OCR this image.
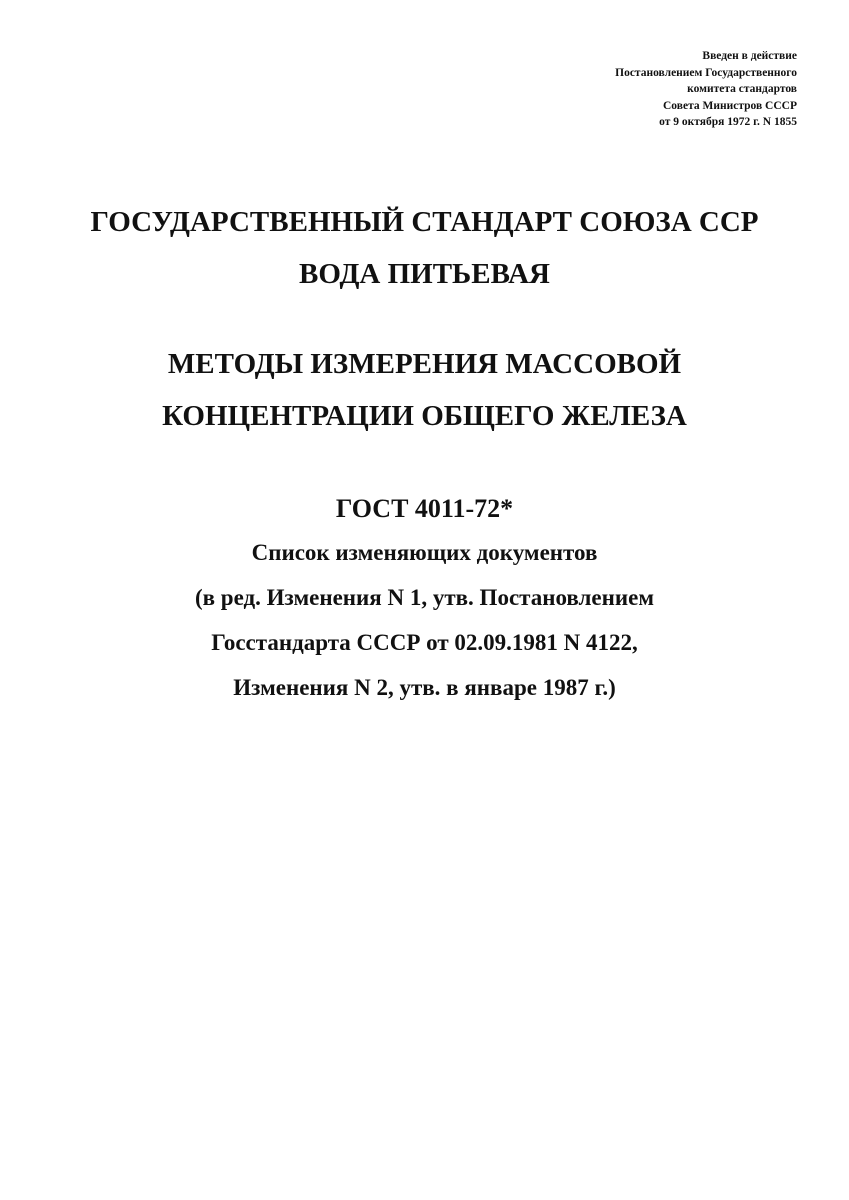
Введен в действие
Постановлением Государственного
комитета стандартов
Совета Министров СССР
от 9 октября 1972 г. N 1855
ГОСУДАРСТВЕННЫЙ СТАНДАРТ СОЮЗА ССР
ВОДА ПИТЬЕВАЯ
МЕТОДЫ ИЗМЕРЕНИЯ МАССОВОЙ
КОНЦЕНТРАЦИИ ОБЩЕГО ЖЕЛЕЗА
ГОСТ 4011-72*
Список изменяющих документов
(в ред. Изменения N 1, утв. Постановлением
Госстандарта СССР от 02.09.1981 N 4122,
Изменения N 2, утв. в январе 1987 г.)
